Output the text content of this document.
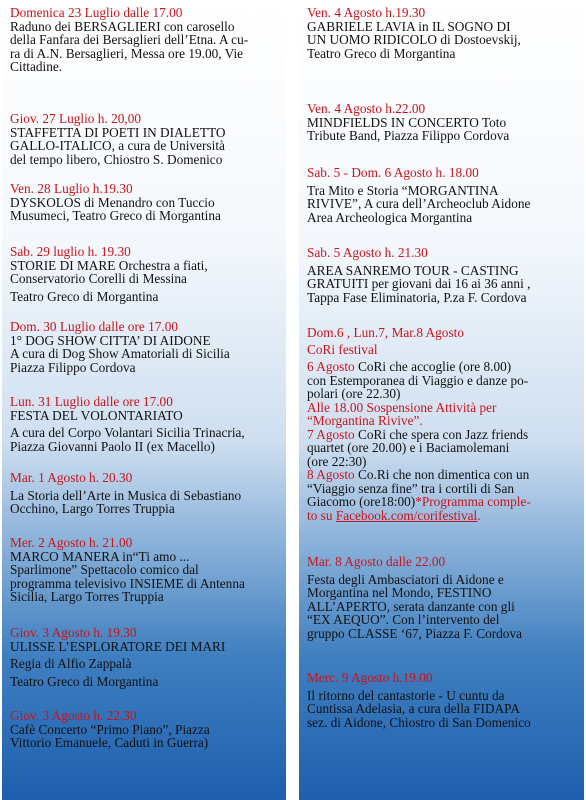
Domenica 23 Luglio dalle 17.00
Raduno dei BERSAGLIERI con carosello
della Fanfara dei Bersaglieri dell’Etna. A cu-
ra di A.N. Bersaglieri, Messa ore 19.00, Vie
Cittadine.
Giov. 27 Luglio h. 20,00
STAFFETTA DI POETI IN DIALETTO
GALLO-ITALICO, a cura de Università
del tempo libero, Chiostro S. Domenico
Ven. 28 Luglio h.19.30
DYSKOLOS di Menandro con Tuccio
Musumeci, Teatro Greco di Morgantina
Sab. 29 luglio h. 19.30
STORIE DI MARE Orchestra a fiati,
Conservatorio Corelli di Messina
Teatro Greco di Morgantina
Dom. 30 Luglio dalle ore 17.00
1° DOG SHOW CITTA’ DI AIDONE
A cura di Dog Show Amatoriali di Sicilia
Piazza Filippo Cordova
Lun. 31 Luglio dalle ore 17.00
FESTA DEL VOLONTARIATO
A cura del Corpo Volantari Sicilia Trinacria,
Piazza Giovanni Paolo II (ex Macello)
Mar. 1 Agosto h. 20.30
La Storia dell’Arte in Musica di Sebastiano
Occhino, Largo Torres Truppia
Mer. 2 Agosto h. 21.00
MARCO MANERA in“Ti amo ...
Sparlimone” Spettacolo comico dal
programma televisivo INSIEME di Antenna
Sicilia, Largo Torres Truppia
Giov. 3 Agosto h. 19.30
ULISSE L’ESPLORATORE DEI MARI
Regia di Alfio Zappalà
Teatro Greco di Morgantina
Giov. 3 Agosto h. 22.30
Cafè Concerto “Primo Piano”, Piazza
Vittorio Emanuele, Caduti in Guerra)
Ven. 4 Agosto h.19.30
GABRIELE LAVIA in IL SOGNO DI
UN UOMO RIDICOLO di Dostoevskij,
Teatro Greco di Morgantina
Ven. 4 Agosto h.22.00
MINDFIELDS IN CONCERTO Toto
Tribute Band, Piazza Filippo Cordova
Sab. 5 - Dom. 6 Agosto h. 18.00
Tra Mito e Storia “MORGANTINA
RIVIVE”, A cura dell’Archeoclub Aidone
Area Archeologica Morgantina
Sab. 5 Agosto h. 21.30
AREA SANREMO TOUR - CASTING
GRATUITI per giovani dai 16 ai 36 anni ,
Tappa Fase Eliminatoria, P.za F. Cordova
Dom.6 , Lun.7, Mar.8 Agosto
CoRi festival
6 Agosto CoRi che accoglie (ore 8.00)
con Estemporanea di Viaggio e danze po-
polari (ore 22.30)
Alle 18.00 Sospensione Attività per
“Morgantina Rivive”.
7 Agosto CoRi che spera con Jazz friends
quartet (ore 20.00) e i Baciamolemani
(ore 22:30)
8 Agosto Co.Ri che non dimentica con un
“Viaggio senza fine” tra i cortili di San
Giacomo (ore18:00)*Programma comple-
to su Facebook.com/corifestival.
Mar. 8 Agosto dalle 22.00
Festa degli Ambasciatori di Aidone e
Morgantina nel Mondo, FESTINO
ALL’APERTO, serata danzante con gli
“EX AEQUO”. Con l’intervento del
gruppo CLASSE ‘67, Piazza F. Cordova
Merc. 9 Agosto h.19.00
Il ritorno del cantastorie - U cuntu da
Cuntissa Adelasia, a cura della FIDAPA
sez. di Aidone, Chiostro di San Domenico
